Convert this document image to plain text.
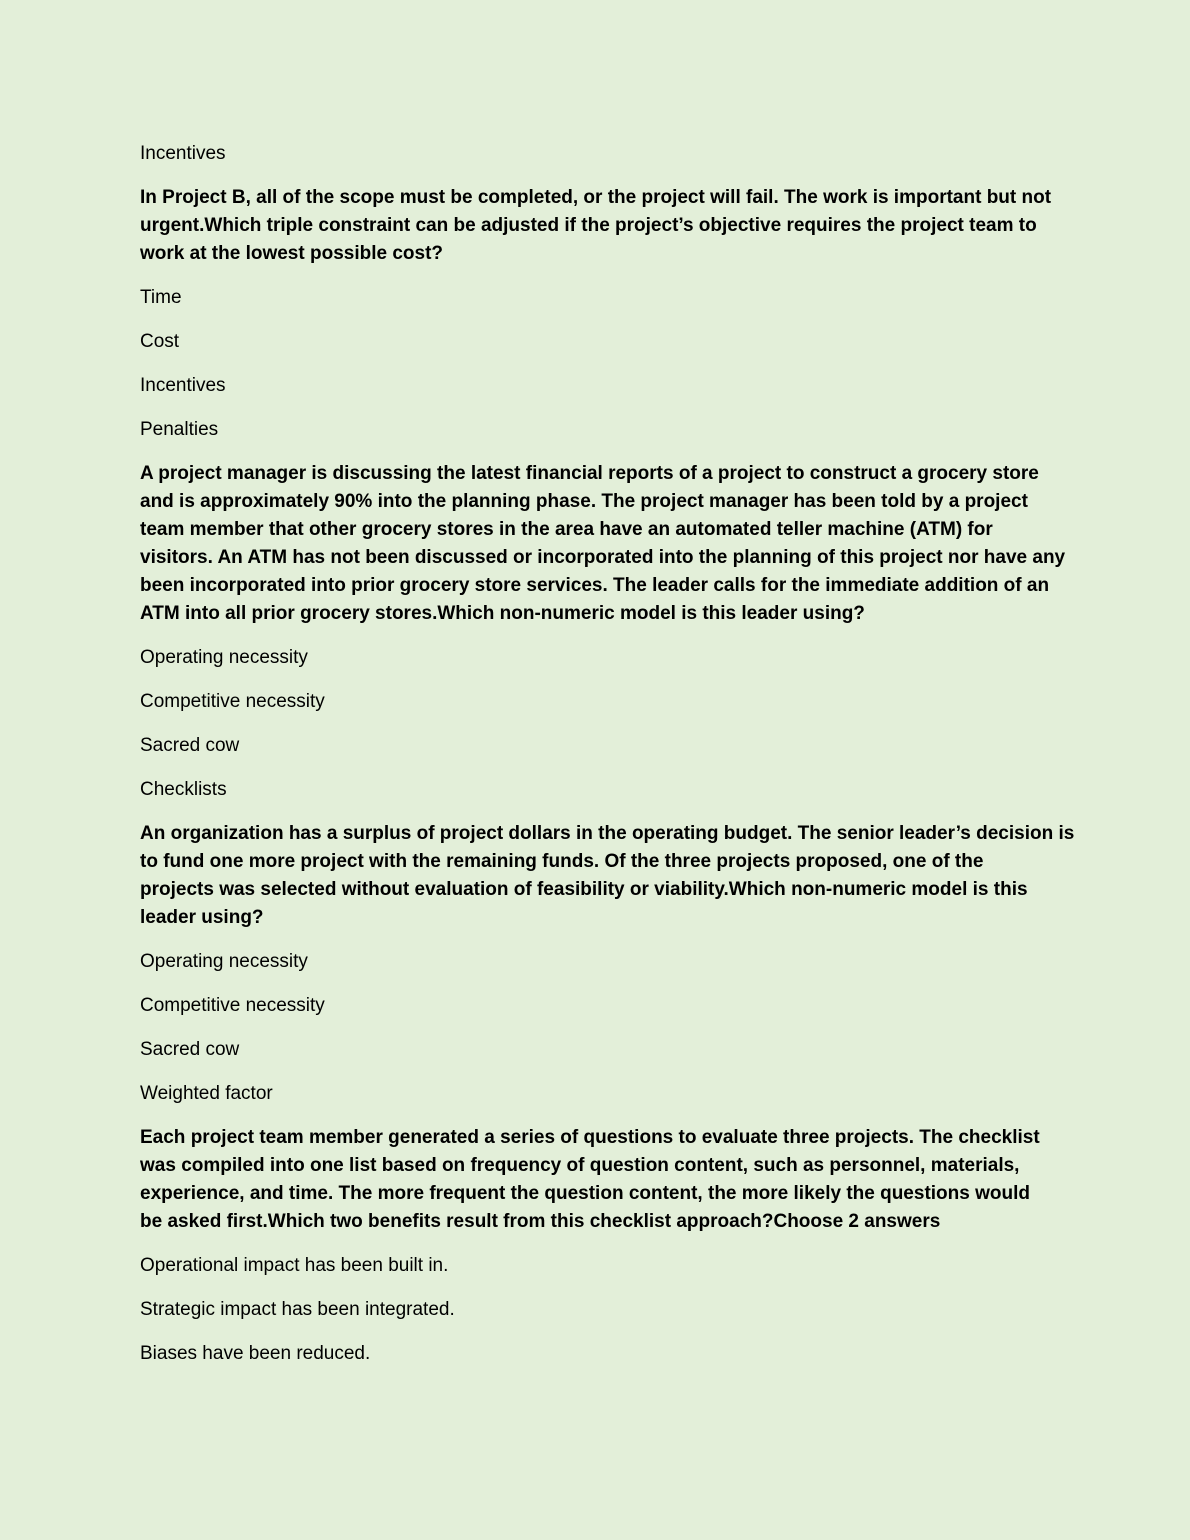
Incentives

In Project B, all of the scope must be completed, or the project will fail. The work is important but not
urgent.Which triple constraint can be adjusted if the project’s objective requires the project team to
work at the lowest possible cost?

Time

Cost

Incentives

Penalties

A project manager is discussing the latest financial reports of a project to construct a grocery store
and is approximately 90% into the planning phase. The project manager has been told by a project
team member that other grocery stores in the area have an automated teller machine (ATM) for
visitors. An ATM has not been discussed or incorporated into the planning of this project nor have any
been incorporated into prior grocery store services. The leader calls for the immediate addition of an
ATM into all prior grocery stores.Which non-numeric model is this leader using?

Operating necessity

Competitive necessity

Sacred cow

Checklists

An organization has a surplus of project dollars in the operating budget. The senior leader’s decision is
to fund one more project with the remaining funds. Of the three projects proposed, one of the
projects was selected without evaluation of feasibility or viability.Which non-numeric model is this
leader using?

Operating necessity

Competitive necessity

Sacred cow

Weighted factor

Each project team member generated a series of questions to evaluate three projects. The checklist
was compiled into one list based on frequency of question content, such as personnel, materials,
experience, and time. The more frequent the question content, the more likely the questions would
be asked first.Which two benefits result from this checklist approach?Choose 2 answers

Operational impact has been built in.

Strategic impact has been integrated.

Biases have been reduced.
